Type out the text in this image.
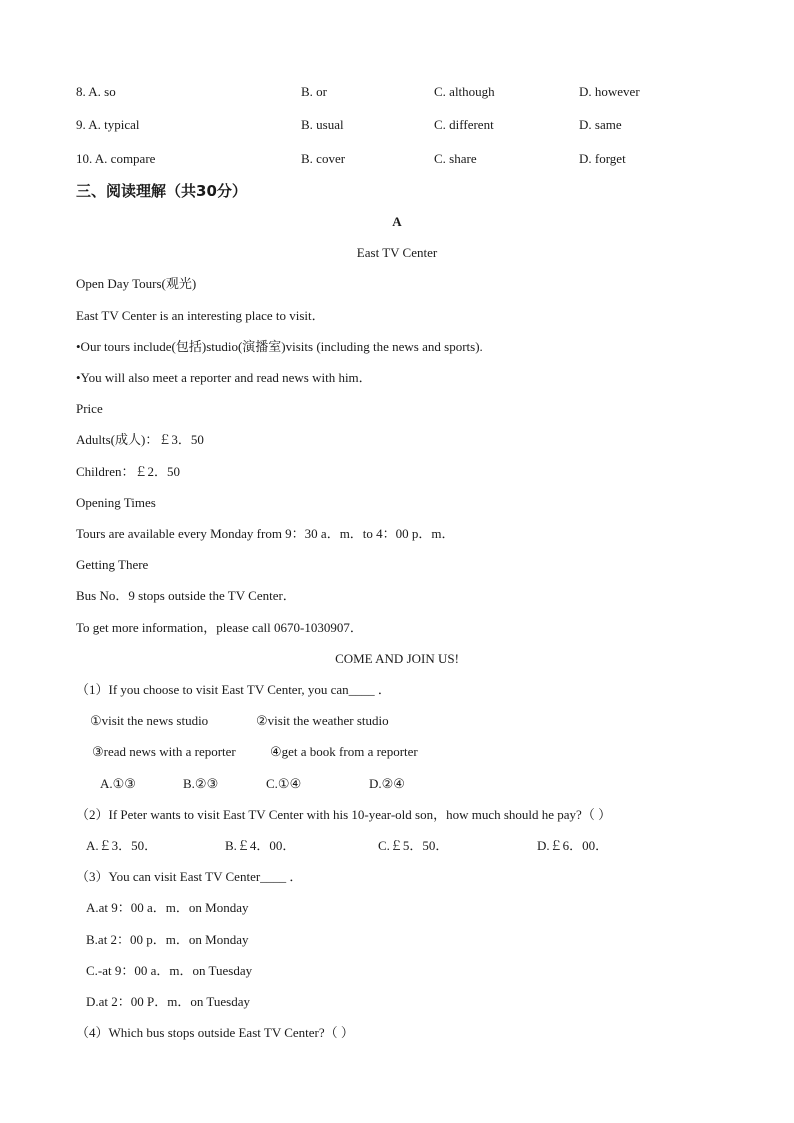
8. A. so	B. or	C. although	D. however
9. A. typical	B. usual	C. different	D. same
10. A. compare	B. cover	C. share	D. forget
三、阅读理解（共30分）
A
East TV Center
Open Day Tours(观光)
East TV Center is an interesting place to visit．
•Our tours include(包括)studio(演播室)visits (including the news and sports).
•You will also meet a reporter and read news with him．
Price
Adults(成人)：￡3．50
Children：￡2．50
Opening Times
Tours are available every Monday from 9：30 a．m．to 4：00 p．m．
Getting There
Bus No．9 stops outside the TV Center．
To get more information，please call 0670-1030907．
COME AND JOIN US!
（1）If you choose to visit East TV Center, you can____ ．
①visit the news studio	②visit the weather studio
③read news with a reporter	④get a book from a reporter
A.①③	B.②③	C.①④	D.②④
（2）If Peter wants to visit East TV Center with his 10-year-old son，how much should he pay?（ ）
A.￡3．50．	B.￡4．00．	C.￡5．50．	D.￡6．00．
（3）You can visit East TV Center____ ．
A.at 9：00 a．m．on Monday
B.at 2：00 p．m．on Monday
C.-at 9：00 a．m．on Tuesday
D.at 2：00 P．m．on Tuesday
（4）Which bus stops outside East TV Center?（ ）
